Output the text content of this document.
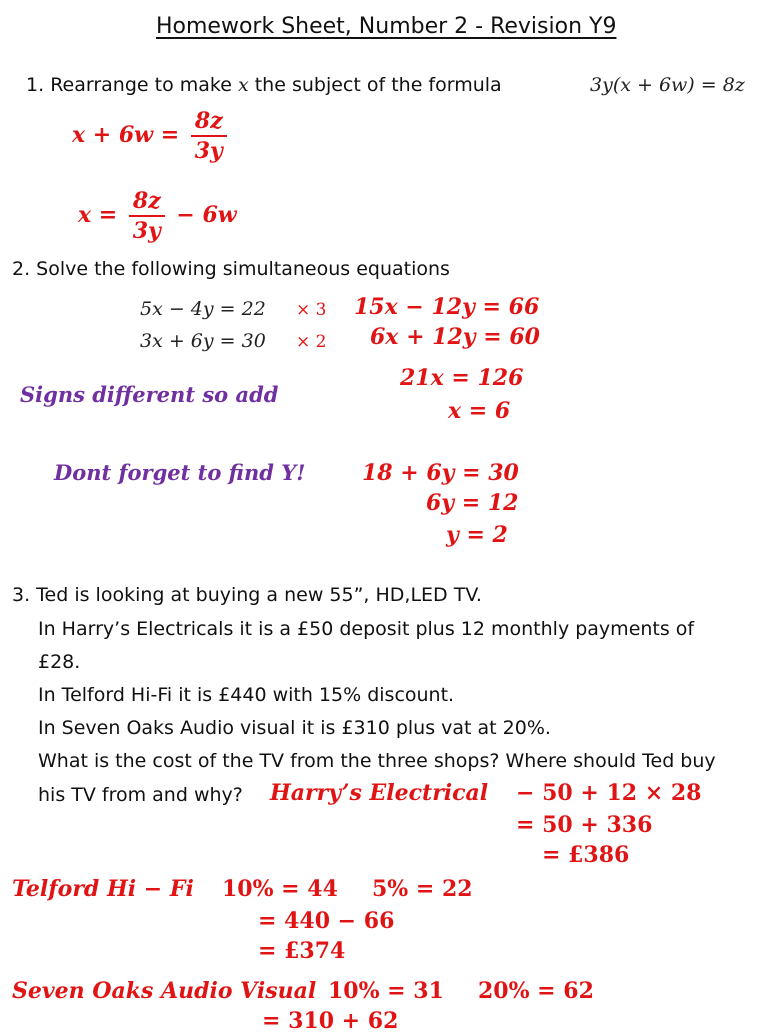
Homework Sheet, Number 2 - Revision Y9
1. Rearrange to make x the subject of the formula	3y(x + 6w) = 8z
$x + 6w = \frac{8z}{3y}$
$x = \frac{8z}{3y} - 6w$
2. Solve the following simultaneous equations
5x − 4y = 22 × 3
3x + 6y = 30 × 2
15x − 12y = 66
6x + 12y = 60
21x = 126
x = 6
Signs different so add
Dont forget to find Y!	18 + 6y = 30
6y = 12
y = 2
3. Ted is looking at buying a new 55”, HD,LED TV.
In Harry’s Electricals it is a £50 deposit plus 12 monthly payments of
£28.
In Telford Hi-Fi it is £440 with 15% discount.
In Seven Oaks Audio visual it is £310 plus vat at 20%.
What is the cost of the TV from the three shops? Where should Ted buy
his TV from and why? Harry’s Electrical − 50 + 12 × 28
= 50 + 336
= £386
Telford Hi − Fi 10% = 44 5% = 22
= 440 − 66
= £374
Seven Oaks Audio Visual 10% = 31 20% = 62
= 310 + 62
